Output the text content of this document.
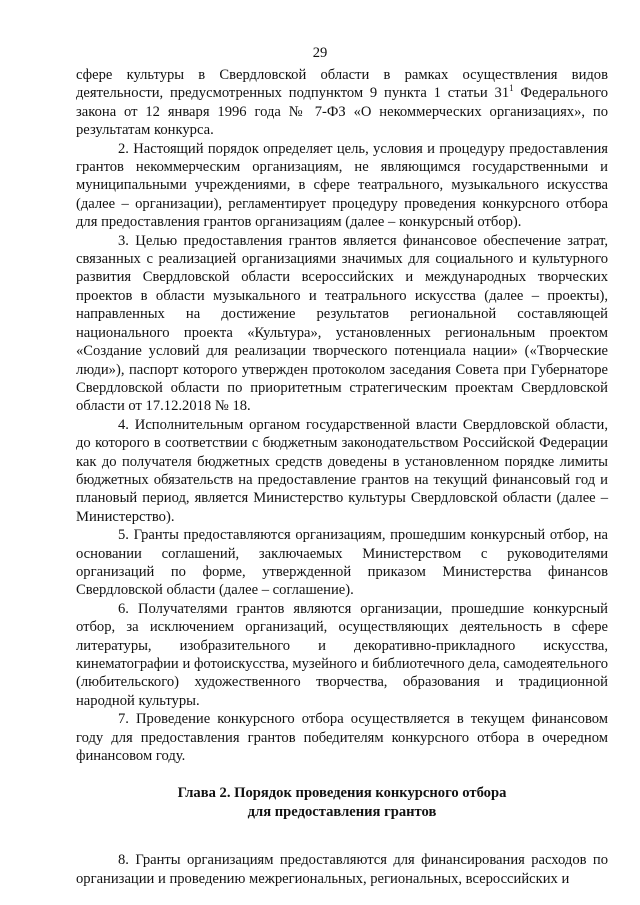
29

сфере культуры в Свердловской области в рамках осуществления видов деятельности, предусмотренных подпунктом 9 пункта 1 статьи $31^1$ Федерального закона от 12 января 1996 года № 7-ФЗ «О некоммерческих организациях», по результатам конкурса.

2. Настоящий порядок определяет цель, условия и процедуру предоставления грантов некоммерческим организациям, не являющимся государственными и муниципальными учреждениями, в сфере театрального, музыкального искусства (далее – организации), регламентирует процедуру проведения конкурсного отбора для предоставления грантов организациям (далее – конкурсный отбор).

3. Целью предоставления грантов является финансовое обеспечение затрат, связанных с реализацией организациями значимых для социального и культурного развития Свердловской области всероссийских и международных творческих проектов в области музыкального и театрального искусства (далее – проекты), направленных на достижение результатов региональной составляющей национального проекта «Культура», установленных региональным проектом «Создание условий для реализации творческого потенциала нации» («Творческие люди»), паспорт которого утвержден протоколом заседания Совета при Губернаторе Свердловской области по приоритетным стратегическим проектам Свердловской области от 17.12.2018 № 18.

4. Исполнительным органом государственной власти Свердловской области, до которого в соответствии с бюджетным законодательством Российской Федерации как до получателя бюджетных средств доведены в установленном порядке лимиты бюджетных обязательств на предоставление грантов на текущий финансовый год и плановый период, является Министерство культуры Свердловской области (далее – Министерство).

5. Гранты предоставляются организациям, прошедшим конкурсный отбор, на основании соглашений, заключаемых Министерством с руководителями организаций по форме, утвержденной приказом Министерства финансов Свердловской области (далее – соглашение).

6. Получателями грантов являются организации, прошедшие конкурсный отбор, за исключением организаций, осуществляющих деятельность в сфере литературы, изобразительного и декоративно-прикладного искусства, кинематографии и фотоискусства, музейного и библиотечного дела, самодеятельного (любительского) художественного творчества, образования и традиционной народной культуры.

7. Проведение конкурсного отбора осуществляется в текущем финансовом году для предоставления грантов победителям конкурсного отбора в очередном финансовом году.

Глава 2. Порядок проведения конкурсного отбора
для предоставления грантов

8. Гранты организациям предоставляются для финансирования расходов по организации и проведению межрегиональных, региональных, всероссийских и
